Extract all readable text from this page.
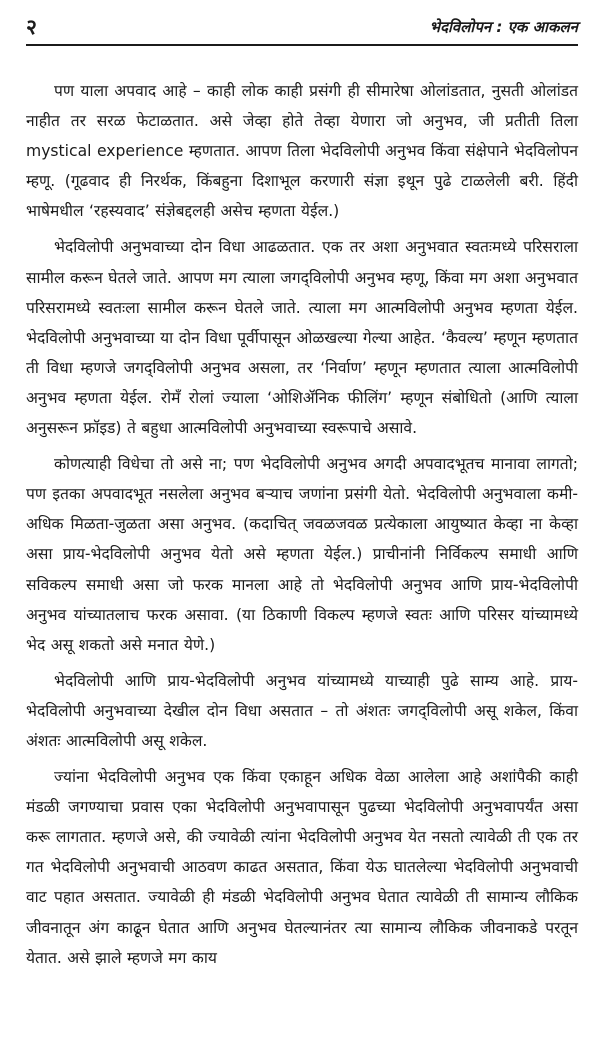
२	भेदविलोपन : एक आकलन

पण याला अपवाद आहे – काही लोक काही प्रसंगी ही सीमारेषा ओलांडतात, नुसती ओलांडत नाहीत तर सरळ फेटाळतात. असे जेव्हा होते तेव्हा येणारा जो अनुभव, जी प्रतीती तिला mystical experience म्हणतात. आपण तिला भेदविलोपी अनुभव किंवा संक्षेपाने भेदविलोपन म्हणू. (गूढवाद ही निरर्थक, किंबहुना दिशाभूल करणारी संज्ञा इथून पुढे टाळलेली बरी. हिंदी भाषेमधील ‘रहस्यवाद’ संज्ञेबद्दलही असेच म्हणता येईल.)

भेदविलोपी अनुभवाच्या दोन विधा आढळतात. एक तर अशा अनुभवात स्वतःमध्ये परिसराला सामील करून घेतले जाते. आपण मग त्याला जगद्‌विलोपी अनुभव म्हणू, किंवा मग अशा अनुभवात परिसरामध्ये स्वतःला सामील करून घेतले जाते. त्याला मग आत्मविलोपी अनुभव म्हणता येईल. भेदविलोपी अनुभवाच्या या दोन विधा पूर्वीपासून ओळखल्या गेल्या आहेत. ‘कैवल्य’ म्हणून म्हणतात ती विधा म्हणजे जगद्‌विलोपी अनुभव असला, तर ‘निर्वाण’ म्हणून म्हणतात त्याला आत्मविलोपी अनुभव म्हणता येईल. रोमँ रोलां ज्याला ‘ओशिॲनिक फीलिंग’ म्हणून संबोधितो (आणि त्याला अनुसरून फ्रॉइड) ते बहुधा आत्मविलोपी अनुभवाच्या स्वरूपाचे असावे.

कोणत्याही विधेचा तो असे ना; पण भेदविलोपी अनुभव अगदी अपवादभूतच मानावा लागतो; पण इतका अपवादभूत नसलेला अनुभव बऱ्याच जणांना प्रसंगी येतो. भेदविलोपी अनुभवाला कमी-अधिक मिळता-जुळता असा अनुभव. (कदाचित् जवळजवळ प्रत्येकाला आयुष्यात केव्हा ना केव्हा असा प्राय-भेदविलोपी अनुभव येतो असे म्हणता येईल.) प्राचीनांनी निर्विकल्प समाधी आणि सविकल्प समाधी असा जो फरक मानला आहे तो भेदविलोपी अनुभव आणि प्राय-भेदविलोपी अनुभव यांच्यातलाच फरक असावा. (या ठिकाणी विकल्प म्हणजे स्वतः आणि परिसर यांच्यामध्ये भेद असू शकतो असे मनात येणे.)

भेदविलोपी आणि प्राय-भेदविलोपी अनुभव यांच्यामध्ये याच्याही पुढे साम्य आहे. प्राय-भेदविलोपी अनुभवाच्या देखील दोन विधा असतात – तो अंशतः जगद्‌विलोपी असू शकेल, किंवा अंशतः आत्मविलोपी असू शकेल.

ज्यांना भेदविलोपी अनुभव एक किंवा एकाहून अधिक वेळा आलेला आहे अशांपैकी काही मंडळी जगण्याचा प्रवास एका भेदविलोपी अनुभवापासून पुढच्या भेदविलोपी अनुभवापर्यंत असा करू लागतात. म्हणजे असे, की ज्यावेळी त्यांना भेदविलोपी अनुभव येत नसतो त्यावेळी ती एक तर गत भेदविलोपी अनुभवाची आठवण काढत असतात, किंवा येऊ घातलेल्या भेदविलोपी अनुभवाची वाट पहात असतात. ज्यावेळी ही मंडळी भेदविलोपी अनुभव घेतात त्यावेळी ती सामान्य लौकिक जीवनातून अंग काढून घेतात आणि अनुभव घेतल्यानंतर त्या सामान्य लौकिक जीवनाकडे परतून येतात. असे झाले म्हणजे मग काय
